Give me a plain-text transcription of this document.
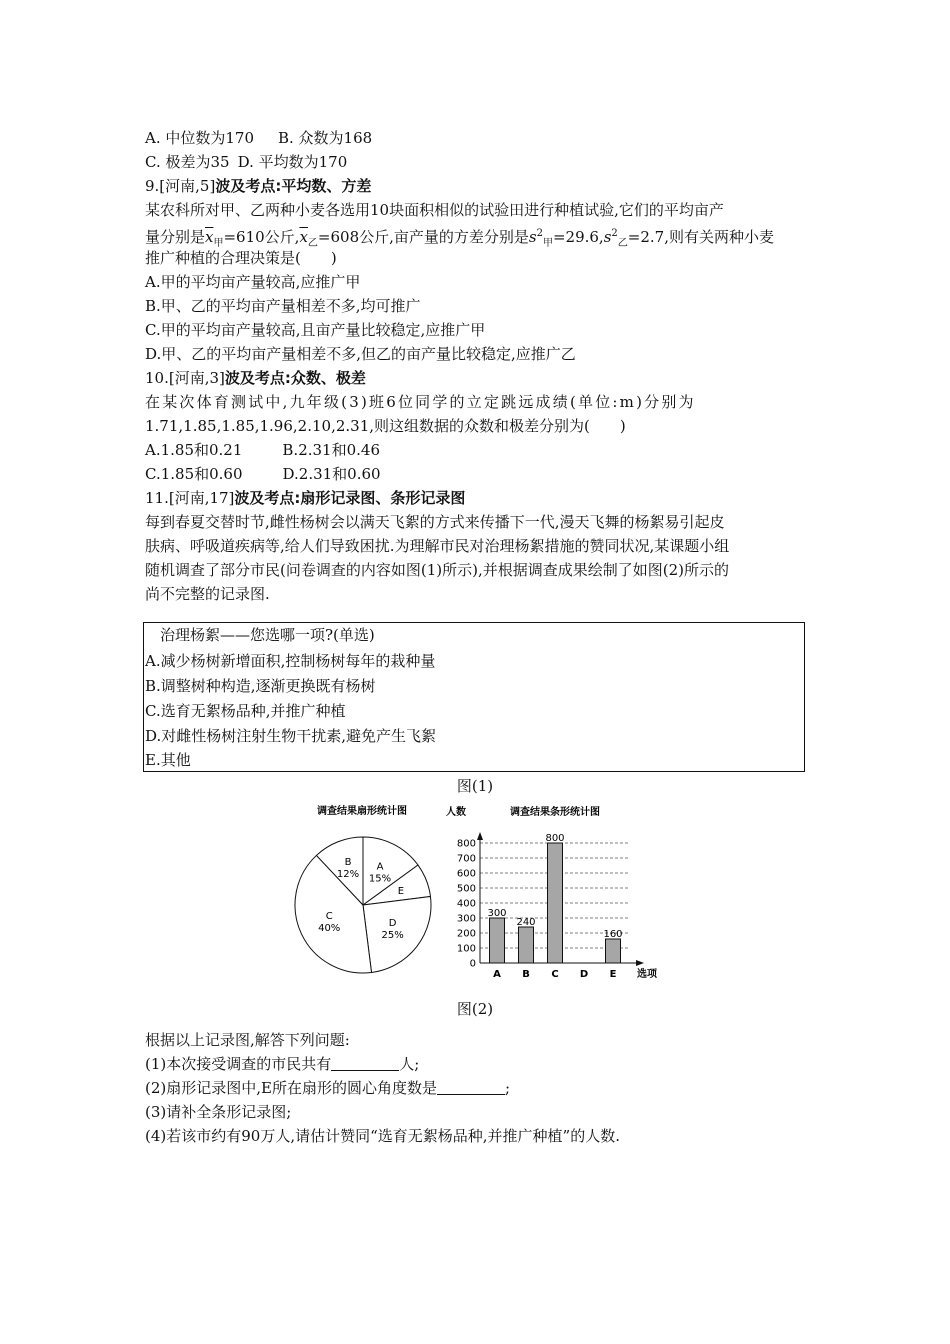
A. 中位数为170 B. 众数为168
C. 极差为35 D. 平均数为170
9.[河南,5]波及考点:平均数、方差
某农科所对甲、乙两种小麦各选用10块面积相似的试验田进行种植试验,它们的平均亩产
量分别是$\overline{x}_甲=610$公斤$,\overline{x}_乙=608$公斤,亩产量的方差分别是$s^2_甲=29.6,s^2_乙=2.7$,则有关两种小麦
推广种植的合理决策是(　　)
A.甲的平均亩产量较高,应推广甲
B.甲、乙的平均亩产量相差不多,均可推广
C.甲的平均亩产量较高,且亩产量比较稳定,应推广甲
D.甲、乙的平均亩产量相差不多,但乙的亩产量比较稳定,应推广乙
10.[河南,3]波及考点:众数、极差
在某次体育测试中,九年级(3)班6位同学的立定跳远成绩(单位:m)分别为
1.71,1.85,1.85,1.96,2.10,2.31,则这组数据的众数和极差分别为(　　)
A.1.85和0.21	B.2.31和0.46
C.1.85和0.60	D.2.31和0.60
11.[河南,17]波及考点:扇形记录图、条形记录图
每到春夏交替时节,雌性杨树会以满天飞絮的方式来传播下一代,漫天飞舞的杨絮易引起皮
肤病、呼吸道疾病等,给人们导致困扰.为理解市民对治理杨絮措施的赞同状况,某课题小组
随机调查了部分市民(问卷调查的内容如图(1)所示),并根据调查成果绘制了如图(2)所示的
尚不完整的记录图.
　治理杨絮——您选哪一项?(单选)
A.减少杨树新增面积,控制杨树每年的栽种量
B.调整树种构造,逐渐更换既有杨树
C.选育无絮杨品种,并推广种植
D.对雌性杨树注射生物干扰素,避免产生飞絮
E.其他
图(1)
调查结果扇形统计图
A
15%
E
D
25%
C
40%
B
12%
人数	调查结果条形统计图
选项
0
100
200
300
400
500
600
700
800
300
A
240
B
800
C D
160
E
图(2)
根据以上记录图,解答下列问题:
(1)本次接受调查的市民共有	人;
(2)扇形记录图中,E所在扇形的圆心角度数是	;
(3)请补全条形记录图;
(4)若该市约有90万人,请估计赞同“选育无絮杨品种,并推广种植”的人数.
